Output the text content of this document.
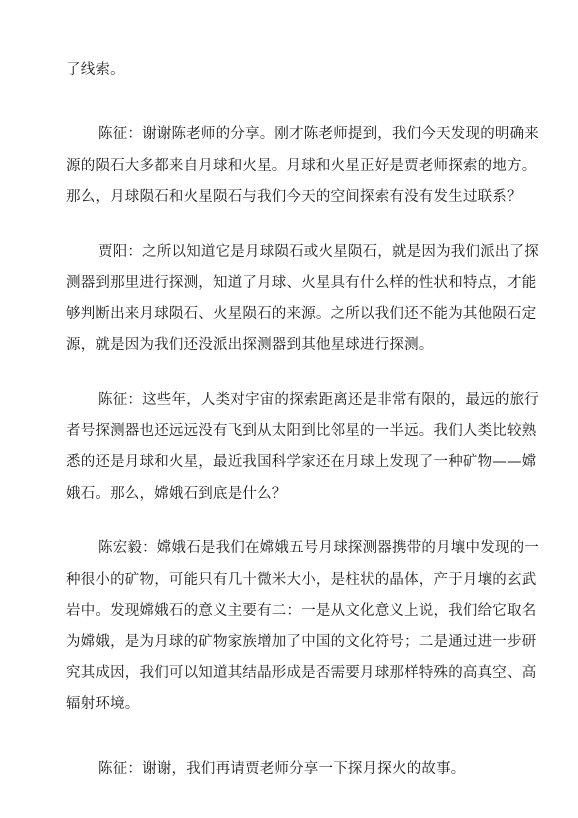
了线索。
陈征：谢谢陈老师的分享。刚才陈老师提到，我们今天发现的明确来
源的陨石大多都来自月球和火星。月球和火星正好是贾老师探索的地方。
那么，月球陨石和火星陨石与我们今天的空间探索有没有发生过联系？
贾阳：之所以知道它是月球陨石或火星陨石，就是因为我们派出了探
测器到那里进行探测，知道了月球、火星具有什么样的性状和特点，才能
够判断出来月球陨石、火星陨石的来源。之所以我们还不能为其他陨石定
源，就是因为我们还没派出探测器到其他星球进行探测。
陈征：这些年，人类对宇宙的探索距离还是非常有限的，最远的旅行
者号探测器也还远远没有飞到从太阳到比邻星的一半远。我们人类比较熟
悉的还是月球和火星，最近我国科学家还在月球上发现了一种矿物——嫦
娥石。那么，嫦娥石到底是什么？
陈宏毅：嫦娥石是我们在嫦娥五号月球探测器携带的月壤中发现的一
种很小的矿物，可能只有几十微米大小，是柱状的晶体，产于月壤的玄武
岩中。发现嫦娥石的意义主要有二：一是从文化意义上说，我们给它取名
为嫦娥，是为月球的矿物家族增加了中国的文化符号；二是通过进一步研
究其成因，我们可以知道其结晶形成是否需要月球那样特殊的高真空、高
辐射环境。
陈征：谢谢，我们再请贾老师分享一下探月探火的故事。
